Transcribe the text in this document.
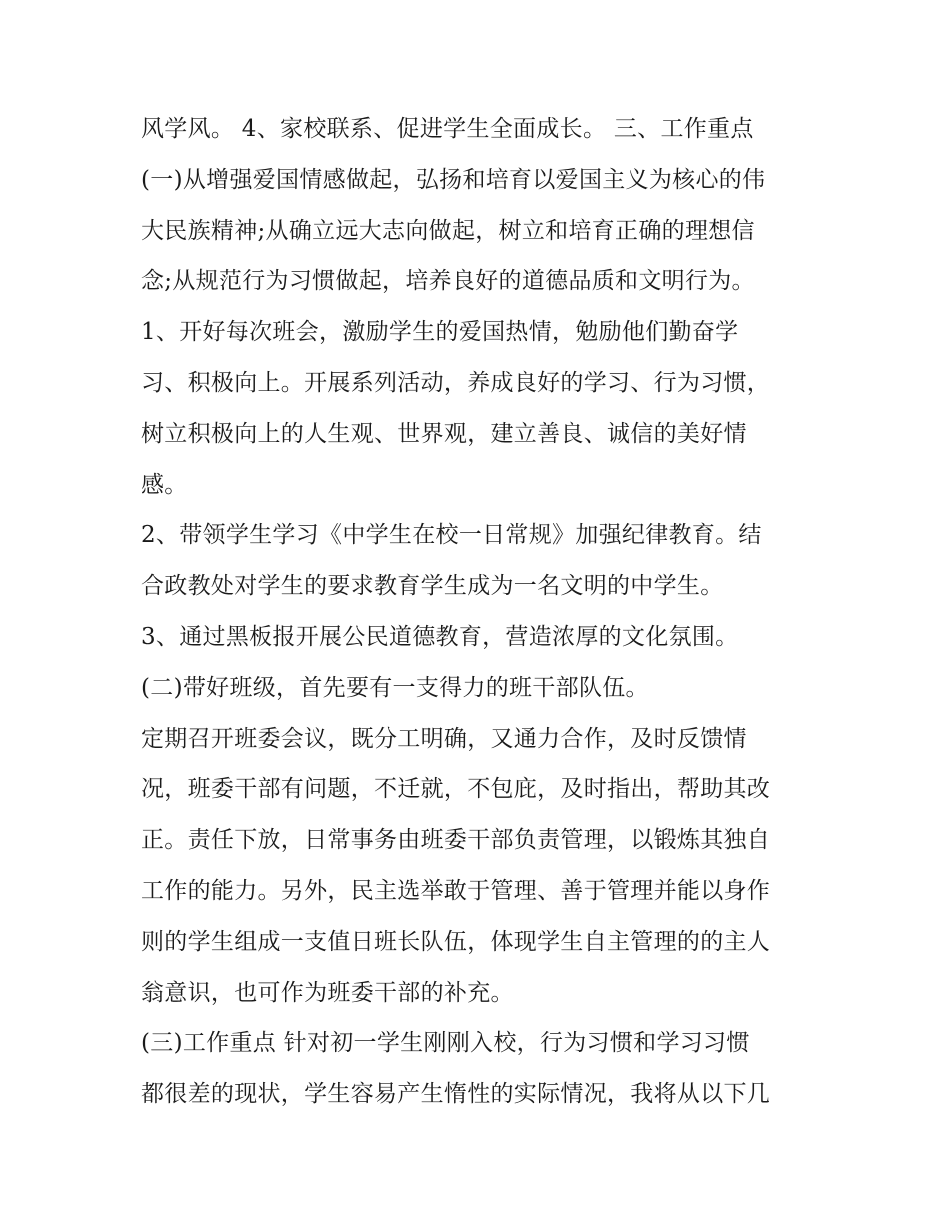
风学风。 4、家校联系、促进学生全面成长。 三、工作重点
(一)从增强爱国情感做起，弘扬和培育以爱国主义为核心的伟
大民族精神;从确立远大志向做起，树立和培育正确的理想信
念;从规范行为习惯做起，培养良好的道德品质和文明行为。
1、开好每次班会，激励学生的爱国热情，勉励他们勤奋学
习、积极向上。开展系列活动，养成良好的学习、行为习惯，
树立积极向上的人生观、世界观，建立善良、诚信的美好情
感。
2、带领学生学习《中学生在校一日常规》加强纪律教育。结
合政教处对学生的要求教育学生成为一名文明的中学生。
3、通过黑板报开展公民道德教育，营造浓厚的文化氛围。
(二)带好班级，首先要有一支得力的班干部队伍。
定期召开班委会议，既分工明确，又通力合作，及时反馈情
况，班委干部有问题，不迁就，不包庇，及时指出，帮助其改
正。责任下放，日常事务由班委干部负责管理，以锻炼其独自
工作的能力。另外，民主选举敢于管理、善于管理并能以身作
则的学生组成一支值日班长队伍，体现学生自主管理的的主人
翁意识，也可作为班委干部的补充。
(三)工作重点 针对初一学生刚刚入校，行为习惯和学习习惯
都很差的现状，学生容易产生惰性的实际情况，我将从以下几
